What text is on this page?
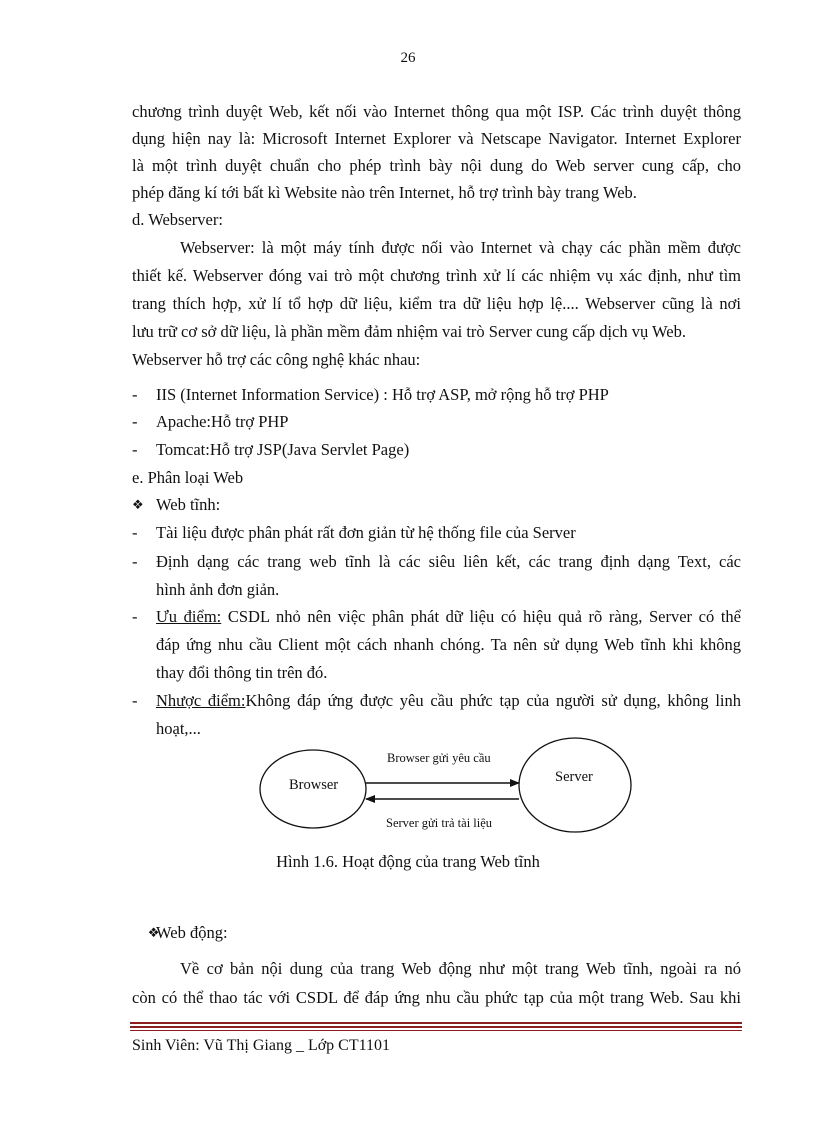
26
chương trình duyệt Web, kết nối vào Internet thông qua một ISP. Các trình duyệt thông
dụng hiện nay là: Microsoft Internet Explorer và Netscape Navigator. Internet Explorer
là một trình duyệt chuẩn cho phép trình bày nội dung do Web server cung cấp, cho
phép đăng kí tới bất kì Website nào trên Internet, hỗ trợ trình bày trang Web.
d. Webserver:
Webserver: là một máy tính được nối vào Internet và chạy các phần mềm được
thiết kế. Webserver đóng vai trò một chương trình xử lí các nhiệm vụ xác định, như tìm
trang thích hợp, xử lí tổ hợp dữ liệu, kiểm tra dữ liệu hợp lệ.... Webserver cũng là nơi
lưu trữ cơ sở dữ liệu, là phần mềm đảm nhiệm vai trò Server cung cấp dịch vụ Web.
Webserver hỗ trợ các công nghệ khác nhau:
- IIS (Internet Information Service) : Hỗ trợ ASP, mở rộng hỗ trợ PHP
- Apache:Hỗ trợ PHP
- Tomcat:Hỗ trợ JSP(Java Servlet Page)
e. Phân loại Web
$_❖$ Web tĩnh:
- Tài liệu được phân phát rất đơn giản từ hệ thống file của Server
- Định dạng các trang web tĩnh là các siêu liên kết, các trang định dạng Text, các
hình ảnh đơn giản.
- Ưu điểm: CSDL nhỏ nên việc phân phát dữ liệu có hiệu quả rõ ràng, Server có thể
đáp ứng nhu cầu Client một cách nhanh chóng. Ta nên sử dụng Web tĩnh khi không
thay đổi thông tin trên đó.
- Nhược điểm:Không đáp ứng được yêu cầu phức tạp của người sử dụng, không linh
hoạt,...
Browser	Server
Browser gửi yêu cầu
Server gửi trả tài liệu
Hình 1.6. Hoạt động của trang Web tĩnh
$_❖$
Web động:
Về cơ bản nội dung của trang Web động như một trang Web tĩnh, ngoài ra nó
còn có thể thao tác với CSDL để đáp ứng nhu cầu phức tạp của một trang Web. Sau khi
Sinh Viên: Vũ Thị Giang _ Lớp CT1101
